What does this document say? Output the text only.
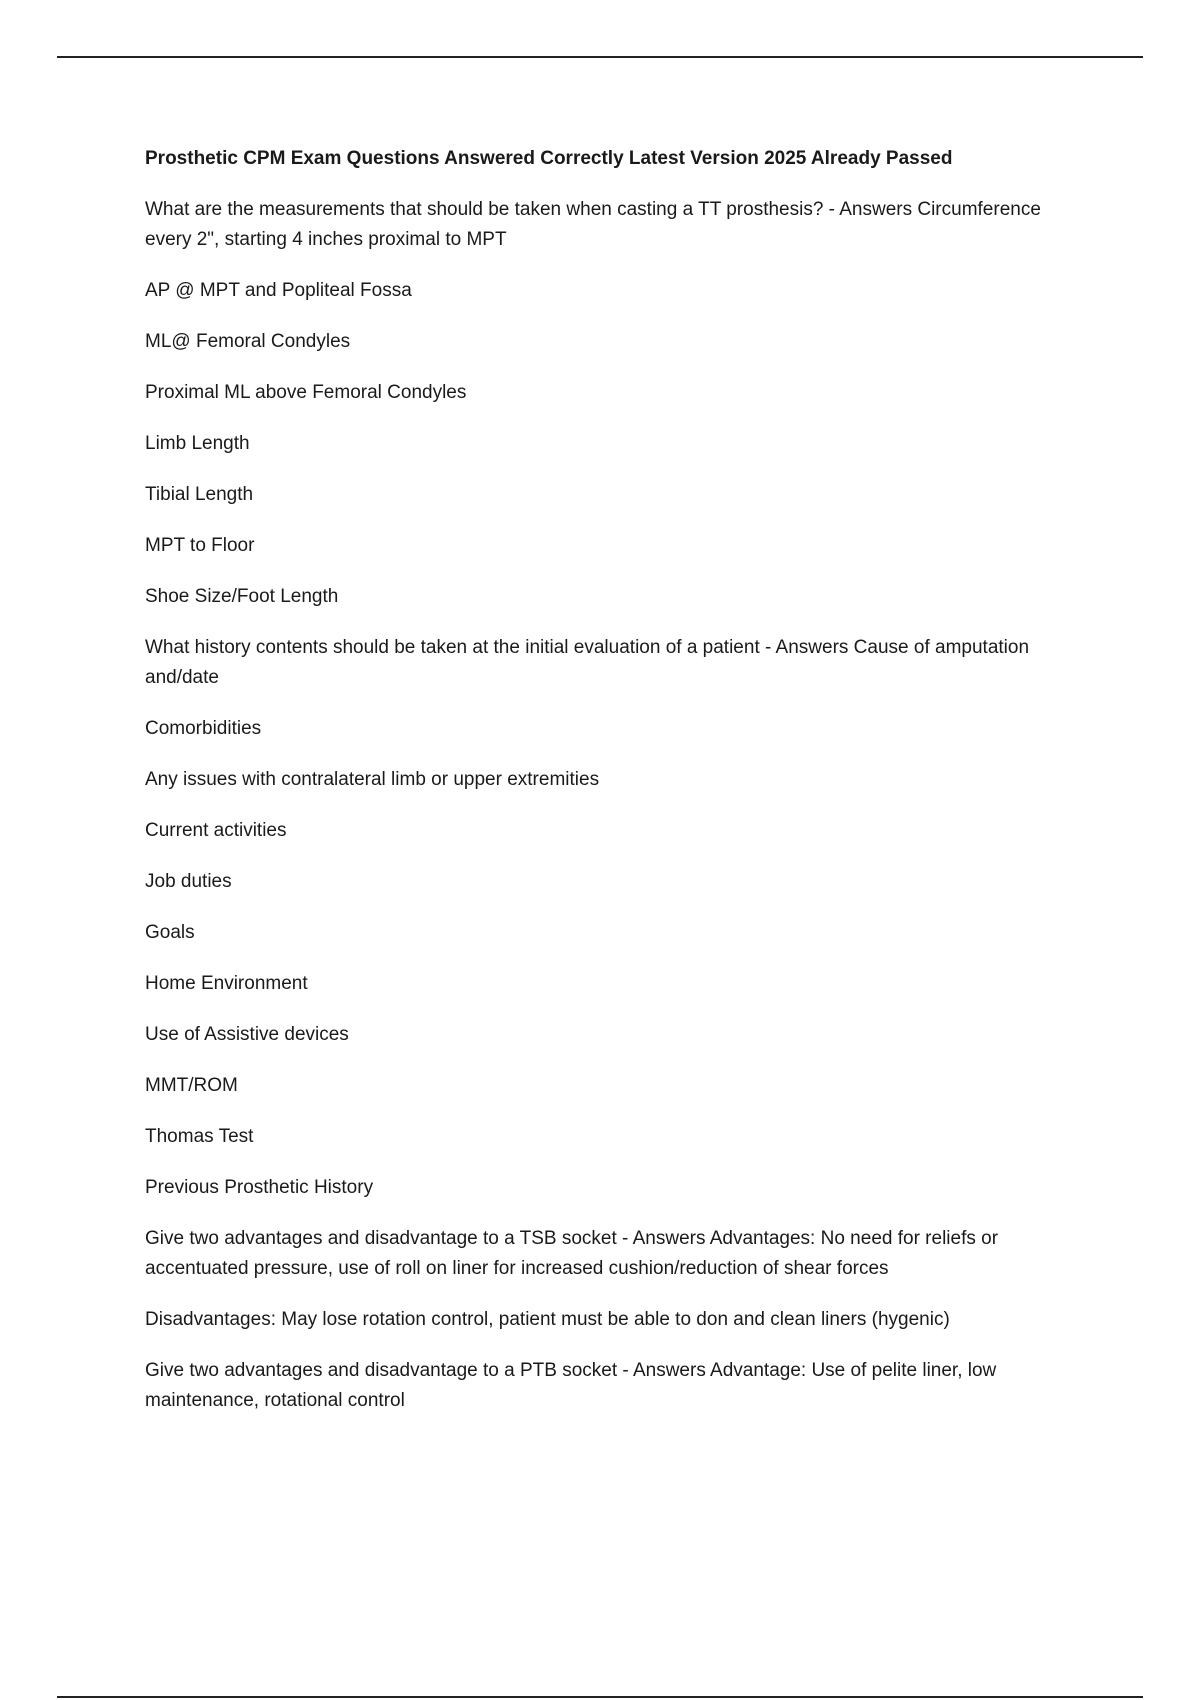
Prosthetic CPM Exam Questions Answered Correctly Latest Version 2025 Already Passed
What are the measurements that should be taken when casting a TT prosthesis? - Answers Circumference every 2", starting 4 inches proximal to MPT
AP @ MPT and Popliteal Fossa
ML@ Femoral Condyles
Proximal ML above Femoral Condyles
Limb Length
Tibial Length
MPT to Floor
Shoe Size/Foot Length
What history contents should be taken at the initial evaluation of a patient - Answers Cause of amputation and/date
Comorbidities
Any issues with contralateral limb or upper extremities
Current activities
Job duties
Goals
Home Environment
Use of Assistive devices
MMT/ROM
Thomas Test
Previous Prosthetic History
Give two advantages and disadvantage to a TSB socket - Answers Advantages: No need for reliefs or accentuated pressure, use of roll on liner for increased cushion/reduction of shear forces
Disadvantages: May lose rotation control, patient must be able to don and clean liners (hygenic)
Give two advantages and disadvantage to a PTB socket - Answers Advantage: Use of pelite liner, low maintenance, rotational control
